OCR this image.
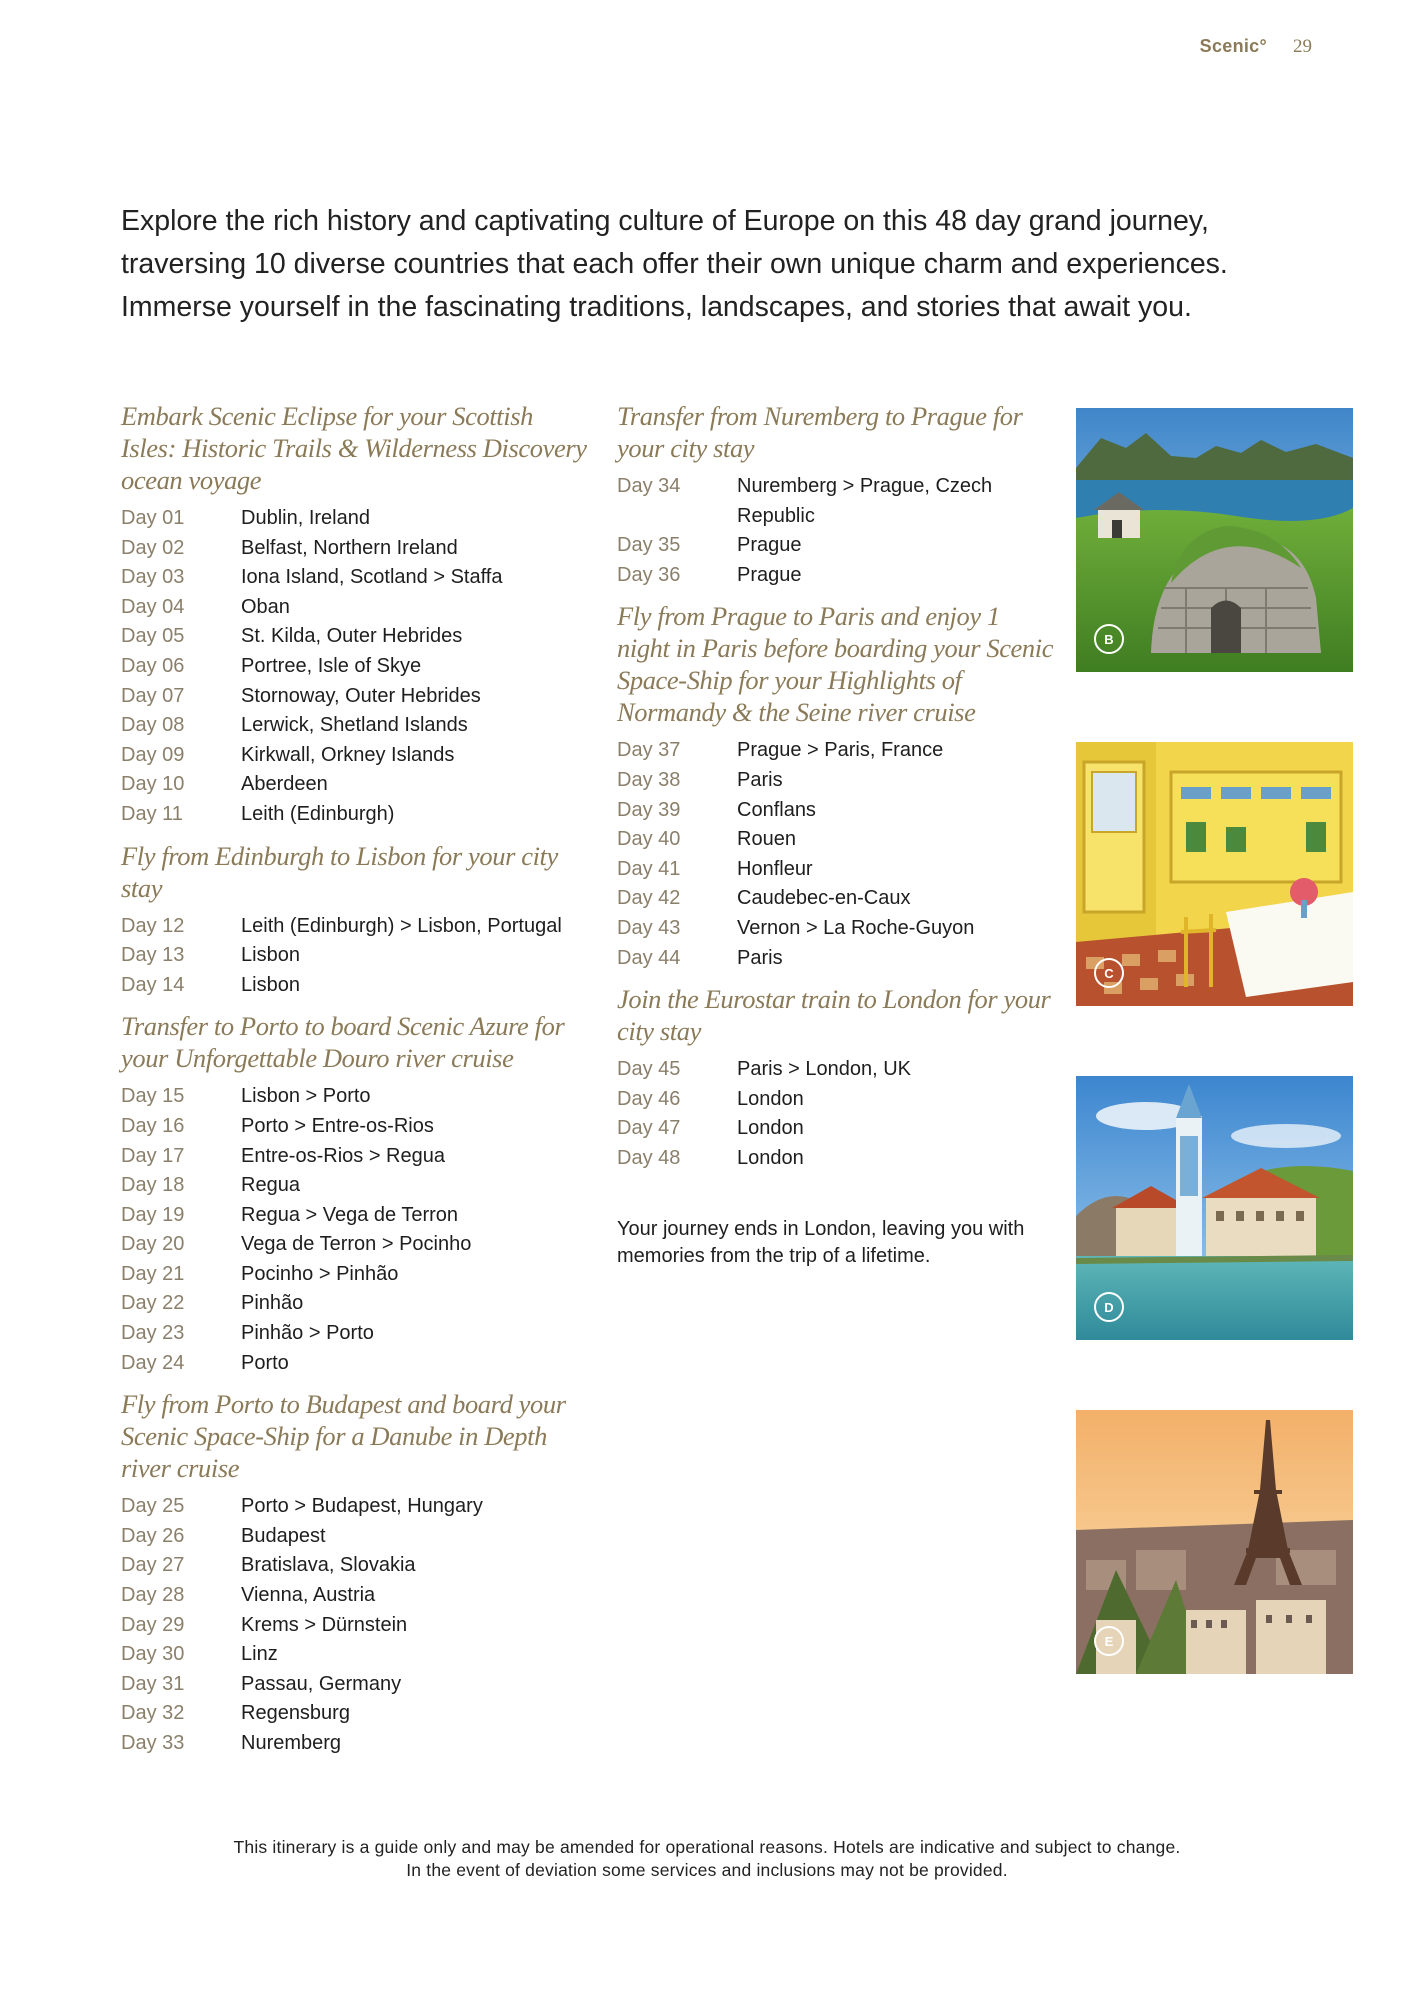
Scenic° 29
Explore the rich history and captivating culture of Europe on this 48 day grand journey, traversing 10 diverse countries that each offer their own unique charm and experiences. Immerse yourself in the fascinating traditions, landscapes, and stories that await you.
Embark Scenic Eclipse for your Scottish Isles: Historic Trails & Wilderness Discovery ocean voyage
Day 01	Dublin, Ireland
Day 02	Belfast, Northern Ireland
Day 03	Iona Island, Scotland > Staffa
Day 04	Oban
Day 05	St. Kilda, Outer Hebrides
Day 06	Portree, Isle of Skye
Day 07	Stornoway, Outer Hebrides
Day 08	Lerwick, Shetland Islands
Day 09	Kirkwall, Orkney Islands
Day 10	Aberdeen
Day 11	Leith (Edinburgh)
Fly from Edinburgh to Lisbon for your city stay
Day 12	Leith (Edinburgh) > Lisbon, Portugal
Day 13	Lisbon
Day 14	Lisbon
Transfer to Porto to board Scenic Azure for your Unforgettable Douro river cruise
Day 15	Lisbon > Porto
Day 16	Porto > Entre-os-Rios
Day 17	Entre-os-Rios > Regua
Day 18	Regua
Day 19	Regua > Vega de Terron
Day 20	Vega de Terron > Pocinho
Day 21	Pocinho > Pinhão
Day 22	Pinhão
Day 23	Pinhão > Porto
Day 24	Porto
Fly from Porto to Budapest and board your Scenic Space-Ship for a Danube in Depth river cruise
Day 25	Porto > Budapest, Hungary
Day 26	Budapest
Day 27	Bratislava, Slovakia
Day 28	Vienna, Austria
Day 29	Krems > Dürnstein
Day 30	Linz
Day 31	Passau, Germany
Day 32	Regensburg
Day 33	Nuremberg
Transfer from Nuremberg to Prague for your city stay
Day 34	Nuremberg > Prague, Czech Republic
Day 35	Prague
Day 36	Prague
Fly from Prague to Paris and enjoy 1 night in Paris before boarding your Scenic Space-Ship for your Highlights of Normandy & the Seine river cruise
Day 37	Prague > Paris, France
Day 38	Paris
Day 39	Conflans
Day 40	Rouen
Day 41	Honfleur
Day 42	Caudebec-en-Caux
Day 43	Vernon > La Roche-Guyon
Day 44	Paris
Join the Eurostar train to London for your city stay
Day 45	Paris > London, UK
Day 46	London
Day 47	London
Day 48	London
Your journey ends in London, leaving you with memories from the trip of a lifetime.
B
C
D
E
This itinerary is a guide only and may be amended for operational reasons. Hotels are indicative and subject to change.
In the event of deviation some services and inclusions may not be provided.
